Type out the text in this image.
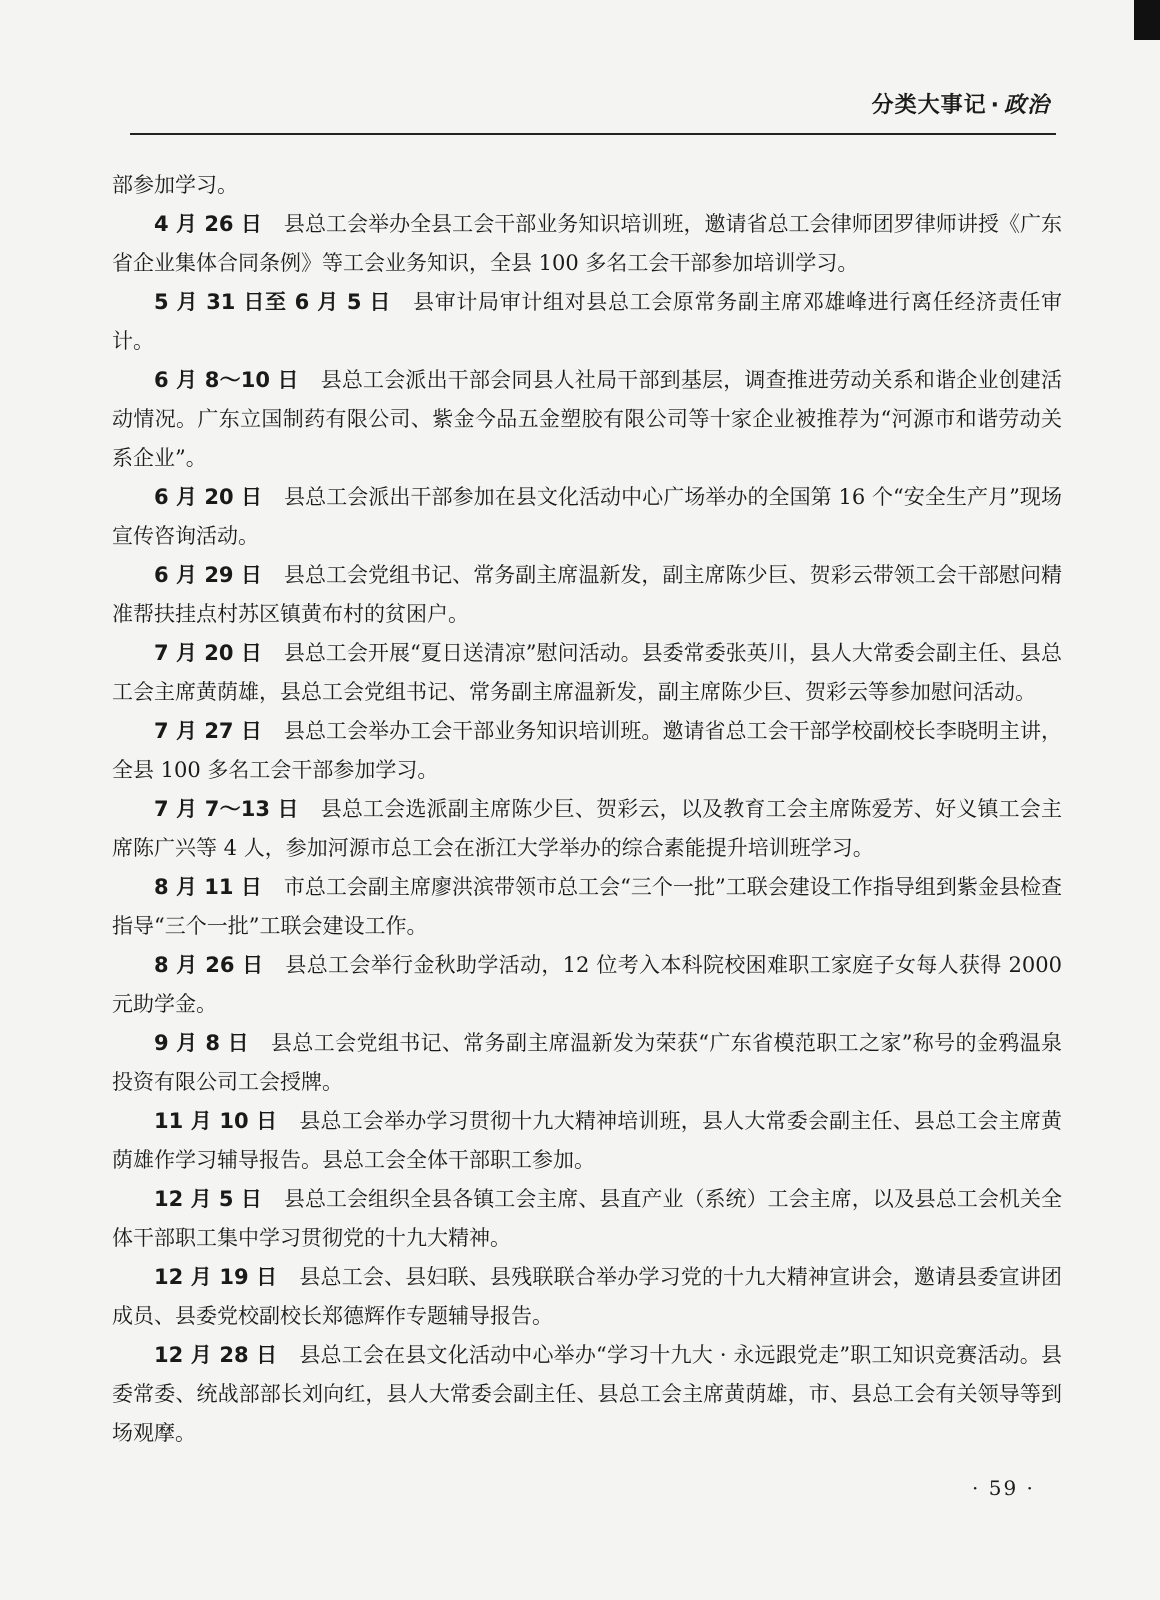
分类大事记 · 政治

部参加学习。

4 月 26 日 县总工会举办全县工会干部业务知识培训班，邀请省总工会律师团罗律师讲授《广东省企业集体合同条例》等工会业务知识，全县 100 多名工会干部参加培训学习。

5 月 31 日至 6 月 5 日 县审计局审计组对县总工会原常务副主席邓雄峰进行离任经济责任审计。

6 月 8～10 日 县总工会派出干部会同县人社局干部到基层，调查推进劳动关系和谐企业创建活动情况。广东立国制药有限公司、紫金今品五金塑胶有限公司等十家企业被推荐为“河源市和谐劳动关系企业”。

6 月 20 日 县总工会派出干部参加在县文化活动中心广场举办的全国第 16 个“安全生产月”现场宣传咨询活动。

6 月 29 日 县总工会党组书记、常务副主席温新发，副主席陈少巨、贺彩云带领工会干部慰问精准帮扶挂点村苏区镇黄布村的贫困户。

7 月 20 日 县总工会开展“夏日送清凉”慰问活动。县委常委张英川，县人大常委会副主任、县总工会主席黄荫雄，县总工会党组书记、常务副主席温新发，副主席陈少巨、贺彩云等参加慰问活动。

7 月 27 日 县总工会举办工会干部业务知识培训班。邀请省总工会干部学校副校长李晓明主讲，全县 100 多名工会干部参加学习。

7 月 7～13 日 县总工会选派副主席陈少巨、贺彩云，以及教育工会主席陈爱芳、好义镇工会主席陈广兴等 4 人，参加河源市总工会在浙江大学举办的综合素能提升培训班学习。

8 月 11 日 市总工会副主席廖洪滨带领市总工会“三个一批”工联会建设工作指导组到紫金县检查指导“三个一批”工联会建设工作。

8 月 26 日 县总工会举行金秋助学活动，12 位考入本科院校困难职工家庭子女每人获得 2000 元助学金。

9 月 8 日 县总工会党组书记、常务副主席温新发为荣获“广东省模范职工之家”称号的金鸦温泉投资有限公司工会授牌。

11 月 10 日 县总工会举办学习贯彻十九大精神培训班，县人大常委会副主任、县总工会主席黄荫雄作学习辅导报告。县总工会全体干部职工参加。

12 月 5 日 县总工会组织全县各镇工会主席、县直产业（系统）工会主席，以及县总工会机关全体干部职工集中学习贯彻党的十九大精神。

12 月 19 日 县总工会、县妇联、县残联联合举办学习党的十九大精神宣讲会，邀请县委宣讲团成员、县委党校副校长郑德辉作专题辅导报告。

12 月 28 日 县总工会在县文化活动中心举办“学习十九大 · 永远跟党走”职工知识竞赛活动。县委常委、统战部部长刘向红，县人大常委会副主任、县总工会主席黄荫雄，市、县总工会有关领导等到场观摩。

· 59 ·
